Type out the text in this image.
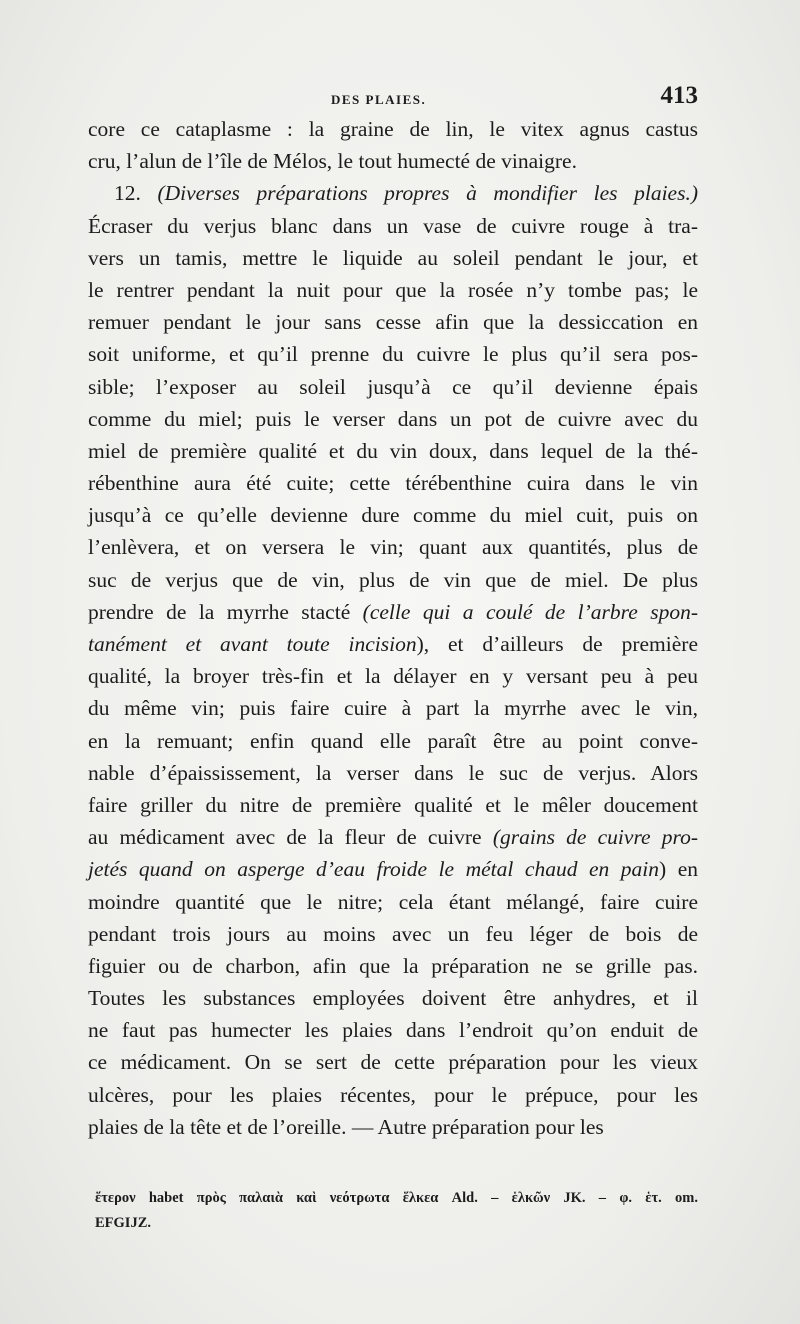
DES PLAIES.	413
core ce cataplasme : la graine de lin, le vitex agnus castus
cru, l’alun de l’île de Mélos, le tout humecté de vinaigre.
12. (Diverses préparations propres à mondifier les plaies.)
Écraser du verjus blanc dans un vase de cuivre rouge à tra-
vers un tamis, mettre le liquide au soleil pendant le jour, et
le rentrer pendant la nuit pour que la rosée n’y tombe pas; le
remuer pendant le jour sans cesse afin que la dessiccation en
soit uniforme, et qu’il prenne du cuivre le plus qu’il sera pos-
sible; l’exposer au soleil jusqu’à ce qu’il devienne épais
comme du miel; puis le verser dans un pot de cuivre avec du
miel de première qualité et du vin doux, dans lequel de la thé-
rébenthine aura été cuite; cette térébenthine cuira dans le vin
jusqu’à ce qu’elle devienne dure comme du miel cuit, puis on
l’enlèvera, et on versera le vin; quant aux quantités, plus de
suc de verjus que de vin, plus de vin que de miel. De plus
prendre de la myrrhe stacté (celle qui a coulé de l’arbre spon-
tanément et avant toute incision), et d’ailleurs de première
qualité, la broyer très-fin et la délayer en y versant peu à peu
du même vin; puis faire cuire à part la myrrhe avec le vin,
en la remuant; enfin quand elle paraît être au point conve-
nable d’épaississement, la verser dans le suc de verjus. Alors
faire griller du nitre de première qualité et le mêler doucement
au médicament avec de la fleur de cuivre (grains de cuivre pro-
jetés quand on asperge d’eau froide le métal chaud en pain) en
moindre quantité que le nitre; cela étant mélangé, faire cuire
pendant trois jours au moins avec un feu léger de bois de
figuier ou de charbon, afin que la préparation ne se grille pas.
Toutes les substances employées doivent être anhydres, et il
ne faut pas humecter les plaies dans l’endroit qu’on enduit de
ce médicament. On se sert de cette préparation pour les vieux
ulcères, pour les plaies récentes, pour le prépuce, pour les
plaies de la tête et de l’oreille. — Autre préparation pour les
ἕτερον habet πρὸς παλαιὰ καὶ νεότρωτα ἕλκεα Ald. – ἑλκῶν JK. – φ. ἑτ. om.
EFGIJZ.
